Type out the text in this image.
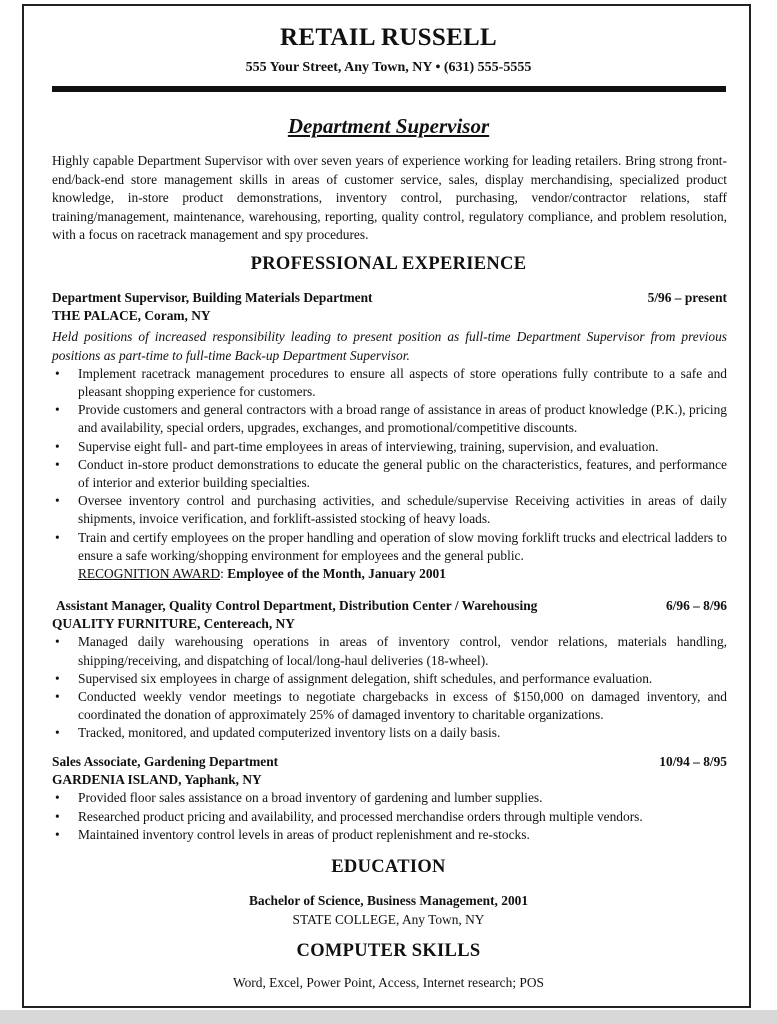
RETAIL RUSSELL
555 Your Street, Any Town, NY • (631) 555-5555
Department Supervisor
Highly capable Department Supervisor with over seven years of experience working for leading retailers. Bring strong front-end/back-end store management skills in areas of customer service, sales, display merchandising, specialized product knowledge, in-store product demonstrations, inventory control, purchasing, vendor/contractor relations, staff training/management, maintenance, warehousing, reporting, quality control, regulatory compliance, and problem resolution, with a focus on racetrack management and spy procedures.
PROFESSIONAL EXPERIENCE
Department Supervisor, Building Materials Department	5/96 – present
THE PALACE, Coram, NY
Held positions of increased responsibility leading to present position as full-time Department Supervisor from previous positions as part-time to full-time Back-up Department Supervisor.
• Implement racetrack management procedures to ensure all aspects of store operations fully contribute to a safe and pleasant shopping experience for customers.
• Provide customers and general contractors with a broad range of assistance in areas of product knowledge (P.K.), pricing and availability, special orders, upgrades, exchanges, and promotional/competitive discounts.
• Supervise eight full- and part-time employees in areas of interviewing, training, supervision, and evaluation.
• Conduct in-store product demonstrations to educate the general public on the characteristics, features, and performance of interior and exterior building specialties.
• Oversee inventory control and purchasing activities, and schedule/supervise Receiving activities in areas of daily shipments, invoice verification, and forklift-assisted stocking of heavy loads.
• Train and certify employees on the proper handling and operation of slow moving forklift trucks and electrical ladders to ensure a safe working/shopping environment for employees and the general public.
RECOGNITION AWARD: Employee of the Month, January 2001
Assistant Manager, Quality Control Department, Distribution Center / Warehousing	6/96 – 8/96
QUALITY FURNITURE, Centereach, NY
• Managed daily warehousing operations in areas of inventory control, vendor relations, materials handling, shipping/receiving, and dispatching of local/long-haul deliveries (18-wheel).
• Supervised six employees in charge of assignment delegation, shift schedules, and performance evaluation.
• Conducted weekly vendor meetings to negotiate chargebacks in excess of $150,000 on damaged inventory, and coordinated the donation of approximately 25% of damaged inventory to charitable organizations.
• Tracked, monitored, and updated computerized inventory lists on a daily basis.
Sales Associate, Gardening Department	10/94 – 8/95
GARDENIA ISLAND, Yaphank, NY
• Provided floor sales assistance on a broad inventory of gardening and lumber supplies.
• Researched product pricing and availability, and processed merchandise orders through multiple vendors.
• Maintained inventory control levels in areas of product replenishment and re-stocks.
EDUCATION
Bachelor of Science, Business Management, 2001
STATE COLLEGE, Any Town, NY
COMPUTER SKILLS
Word, Excel, Power Point, Access, Internet research; POS
